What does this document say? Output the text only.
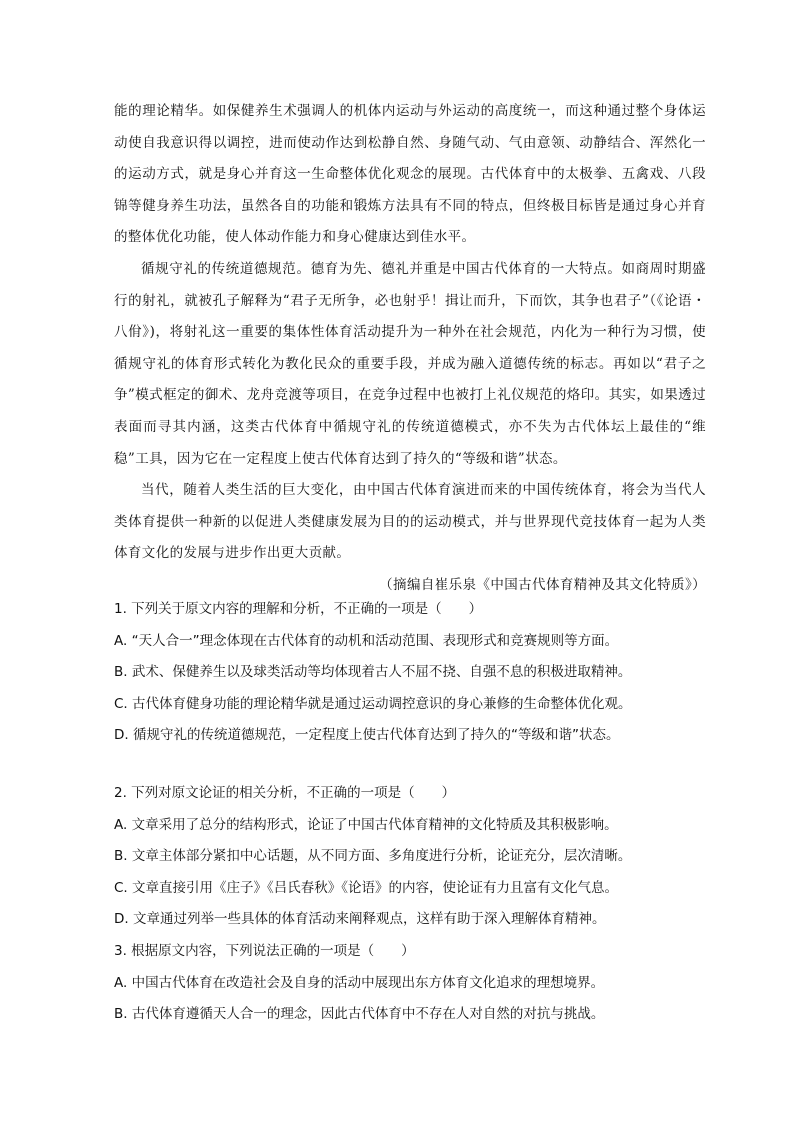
能的理论精华。如保健养生术强调人的机体内运动与外运动的高度统一，而这种通过整个身体运动使自我意识得以调控，进而使动作达到松静自然、身随气动、气由意领、动静结合、浑然化一的运动方式，就是身心并育这一生命整体优化观念的展现。古代体育中的太极拳、五禽戏、八段锦等健身养生功法，虽然各自的功能和锻炼方法具有不同的特点，但终极目标皆是通过身心并育的整体优化功能，使人体动作能力和身心健康达到佳水平。

循规守礼的传统道德规范。德育为先、德礼并重是中国古代体育的一大特点。如商周时期盛行的射礼，就被孔子解释为“君子无所争，必也射乎！揖让而升，下而饮，其争也君子”（《论语・八佾》)，将射礼这一重要的集体性体育活动提升为一种外在社会规范，内化为一种行为习惯，使循规守礼的体育形式转化为教化民众的重要手段，并成为融入道德传统的标志。再如以“君子之争”模式框定的御术、龙舟竞渡等项目，在竞争过程中也被打上礼仪规范的烙印。其实，如果透过表面而寻其内涵，这类古代体育中循规守礼的传统道德模式，亦不失为古代体坛上最佳的“维稳”工具，因为它在一定程度上使古代体育达到了持久的“等级和谐”状态。

当代，随着人类生活的巨大变化，由中国古代体育演进而来的中国传统体育，将会为当代人类体育提供一种新的以促进人类健康发展为目的的运动模式，并与世界现代竞技体育一起为人类体育文化的发展与进步作出更大贡献。

（摘编自崔乐泉《中国古代体育精神及其文化特质》）

1. 下列关于原文内容的理解和分析，不正确的一项是（　　）
A. “天人合一”理念体现在古代体育的动机和活动范围、表现形式和竞赛规则等方面。
B. 武术、保健养生以及球类活动等均体现着古人不屈不挠、自强不息的积极进取精神。
C. 古代体育健身功能的理论精华就是通过运动调控意识的身心兼修的生命整体优化观。
D. 循规守礼的传统道德规范，一定程度上使古代体育达到了持久的“等级和谐”状态。
2. 下列对原文论证的相关分析，不正确的一项是（　　）
A. 文章采用了总分的结构形式，论证了中国古代体育精神的文化特质及其积极影响。
B. 文章主体部分紧扣中心话题，从不同方面、多角度进行分析，论证充分，层次清晰。
C. 文章直接引用《庄子》《吕氏春秋》《论语》的内容，使论证有力且富有文化气息。
D. 文章通过列举一些具体的体育活动来阐释观点，这样有助于深入理解体育精神。
3. 根据原文内容，下列说法正确的一项是（　　）
A. 中国古代体育在改造社会及自身的活动中展现出东方体育文化追求的理想境界。
B. 古代体育遵循天人合一的理念，因此古代体育中不存在人对自然的对抗与挑战。
